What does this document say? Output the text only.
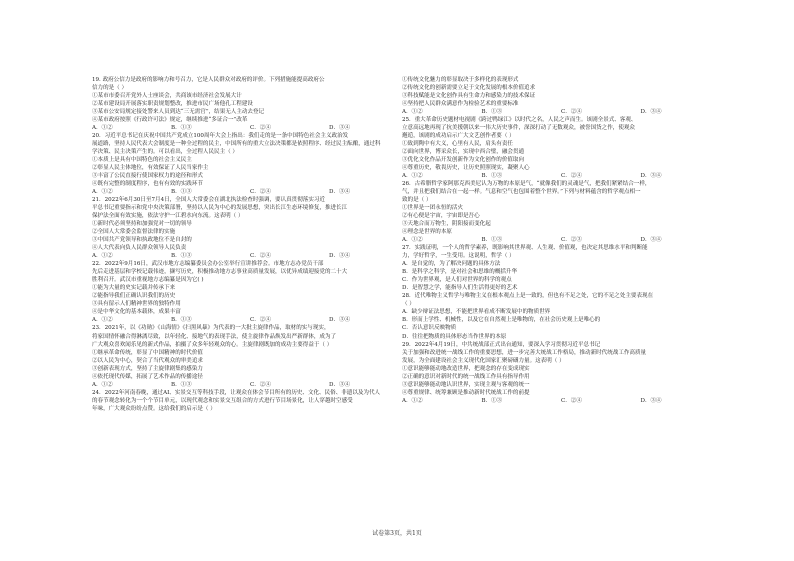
19. 政府公信力是政府的影响力和号召力，它是人民群众对政府的评价。下列措施能提高政府公
信力的是（ ）
①某市市委召开党外人士座谈会，共商该市经济社会发展大计
②某市建设局开展落实职责规划整改，推进市民广场他孔工程建设
③某市公安局规定接处警来人员到达“三无需官”，结果无人主动去登记
④某市政府按照《行政许可法》规定，继续推进“多证合一”改革
A．①②	B．①③	C．②④	D．③④
20．习近平总书记在庆祝中国共产党成立100周年大会上指出：我们走的是一条中国特色社会主义政治发
展道路，坚持人民代表大会制度是一种全过程的民主，中国所有的重大立法决策都是依照程序、经过民主酝酿，通过科
学决策、民主决策产生的。可以看出，全过程人民民主（ ）
①本质上是具有中国特色的社会主义民主
②彰显人民主体地位，有效保证了人民当家作主
③丰富了公民直接行使国家权力的途径和形式
④既有完整的制度程序，也有有效的实践环节
A．①②	B．①③	C．②④	D．③④
21．2022年6月30日至7月4日，全国人大常委会在湖北执法检查时强调，要认真贯彻落实习近
平总书记重要指示和党中央决策部署，坚持以人民为中心的发展思想，突出长江生态环境修复，推进长江
保护法全面有效实施，依法守护一江碧水向东流。这表明（ ）
①新时代必须坚持和加强党对一切的领导
②全国人大常委会监督法律的实施
③中国共产党领导和执政地位不是自封的
④人大代表向负人民群众领导人民负责
A．①②	B．①③	C．②④	D．③④
22．2022年9月16日，武汉市地方志编纂委员会办公室举行宣讲推荐会。市地方志办党员干部
先后走进基层和学校记载伟迹，撷写历史，积极推动地方志事业高质量发展，以优异成绩迎接党的二十大
胜利召开。武汉市重视地方志编纂是因为它( )
①能为大量的史实记载并传承下来
②能指导我们正确认识我们的历史
③具有留示人们精神世界的独特作用
④是中华文化的基本载体，成果丰富
A．①②	B．①③	C．②④	D．③④
23．2021年，以《功勋》《山海情》《扫黑风暴》为代表的一大批主旋律作品，取材的实与现实，
将家国情怀融合得淋漓尽致，以年轻化、接地气的表现手法，使主旋律作品焕发出严新群体，成为了
广大观众喜欢闻乐见的新式作品，拍摄了众多年轻观众的心。主旋律剧既加的成功主要得益于（ ）
①继承革命传统，彰显了中国精神的时代价值
②以人民为中心，契合了当代观众的审美追求
③创新表现方式，坚持了主旋律剧集的感染力
④依托现代传媒，拓展了艺术作品的传播途径
A．①②	B．①③	C．②④	D．③④
24．2022年河南春晚，通过AI、实景交互等科技手段，让观众在体会节目所有的历史、文化、民俗、非遗以及为代人
的春节观念转化为一个个节目单元，以现代观念和实景交互组合的方式进行节目场景化，让人穿越时空感受
年味，广大观众纷纷点赞。这给我们的启示是（ ）
①传统文化魅力的彰显取决于多样化的表现形式
②传统文化的创新需要立足于文化发展的根本价值追求
③科技赋能是文化创作具有生命力和感染力的技术保证
④坚持把人民群众满意作为检验艺术的重要标准
A．①②	B．①③	C．②④	D．③④
25．重大革命历史题材电视剧《跨过鸭绿江》以时代之名，人民之声而生。该剧全景式、客观、
立意高远地再现了抗美援朝以来一伟大历史事件，深深打动了无数观众，被誉国货之作，使观众
邂逅，该剧的成功启示广大文艺创作者要（ ）
①致到陶中有大义，心里有人民，肩头有责任
②面向世界，博采众长，实现中西合璧，融会贯通
③优化文化作品开发创新作为文化创作的价值取向
④尊重历史，敬畏历史，让历史照照现实，凝聚人心
A．①②	B．①③	C．②④	D．③④
26．古希腊哲学家阿那克西美尼认为万物的本原是气，“就像我们的灵魂是气，把我们紧紧结合一样，
气，并且把我们结合在一起一样。气息和空气也包围着整个世界。”下列与材料蕴含的哲学观点相一
致的是（ ）
①世界是一团永恒的活火
②有心便是宇宙，宇宙即是吾心
③天地合而万物生，阴阳接而变化起
④理念是世界的本原
A．①②	B．①③	C．②③	D．③④
27．实践证明，一个人的哲学素养，既影响其世界观、人生观、价值观，也决定其思维水平和判断能
力，学好哲学，一生受用。这说明，哲学（ ）
A．是自觉的，为了解决问题的具体方法
B．是科学之科学，是对社会和思维的概括升华
C．作为世界观，是人们对世界的科学的观点
D．是智慧之学，能指导人们生活得更好的艺术
28．近代唯物主义哲学与唯物主义在根本观点上是一致的，但也有不足之处，它的不足之处主要表现在
（ ）
A．缺少辩证法思想，不能把世界看成不断发展中的物质世界
B．形而上学性、机械性，以及它在自然观上是唯物的，在社会历史观上是唯心的
C．否认意识反映物质
D．往往把物质的具体形态当作世界的本原
29．2022年4月19日，中共统战部正式出台通知，要深入学习贯彻习近平总书记
关于加强和改进统一战线工作的重要思想，进一步完善大统战工作格局，推动新时代统战工作高质量
发展，为全面建设社会主义现代化国家汇聚磅礴力量。这表明（ ）
①意识能够能动地改造世界，把观念的存在变成现实
②正确的意识对新时代的统一战线工作具有指导作用
③意识能够能动地认识世界，实现主观与客观的统一
④尊重规律、统筹兼顾是推动新时代统战工作的前提
A．①②	B．①③	C．②④	D．③④
试卷第3页，共1页
